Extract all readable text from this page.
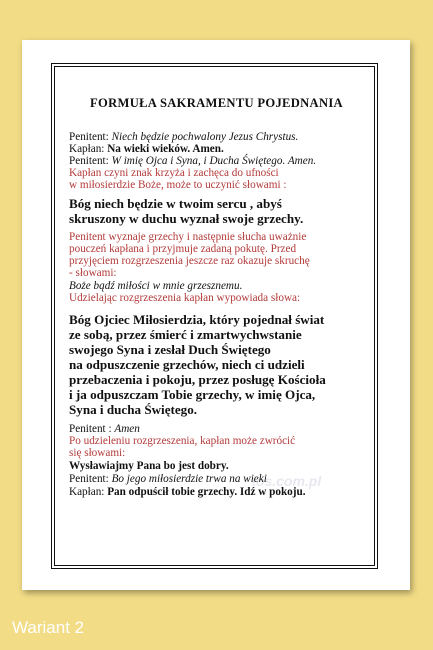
los.com.pl
FORMUŁA SAKRAMENTU POJEDNANIA
Penitent: Niech będzie pochwalony Jezus Chrystus.
Kapłan: Na wieki wieków. Amen.
Penitent: W imię Ojca i Syna, i Ducha Świętego. Amen.
Kapłan czyni znak krzyża i zachęca do ufności
w miłosierdzie Boże, może to uczynić słowami :
Bóg niech będzie w twoim sercu , abyś
skruszony w duchu wyznał swoje grzechy.
Penitent wyznaje grzechy i następnie słucha uważnie
pouczeń kapłana i przyjmuje zadaną pokutę. Przed
przyjęciem rozgrzeszenia jeszcze raz okazuje skruchę
- słowami:
Boże bądź miłości w mnie grzesznemu.
Udzielając rozgrzeszenia kapłan wypowiada słowa:
Bóg Ojciec Miłosierdzia, który pojednał świat
ze sobą, przez śmierć i zmartwychwstanie
swojego Syna i zesłał Duch Świętego
na odpuszczenie grzechów, niech ci udzieli
przebaczenia i pokoju, przez posługę Kościoła
i ja odpuszczam Tobie grzechy, w imię Ojca,
Syna i ducha Świętego.
Penitent : Amen
Po udzieleniu rozgrzeszenia, kapłan może zwrócić
się słowami:
Wysławiajmy Pana bo jest dobry.
Penitent: Bo jego miłosierdzie trwa na wieki
Kapłan: Pan odpuścił tobie grzechy. Idź w pokoju.
Wariant 2
